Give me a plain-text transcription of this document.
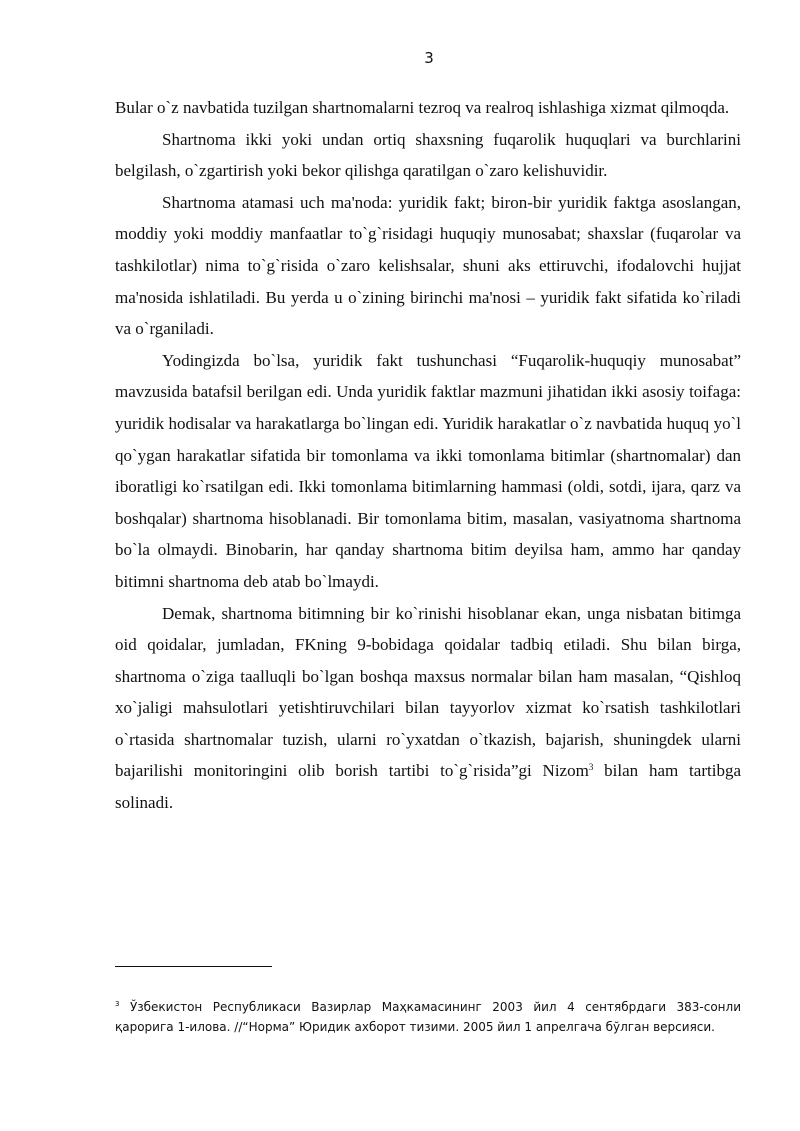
3

Bular o`z navbatida tuzilgan shartnomalarni tezroq va realroq ishlashiga xizmat qilmoqda.

Shartnoma ikki yoki undan ortiq shaxsning fuqarolik huquqlari va burchlarini belgilash, o`zgartirish yoki bekor qilishga qaratilgan o`zaro kelishuvidir.

Shartnoma atamasi uch ma'noda: yuridik fakt; biron-bir yuridik faktga asoslangan, moddiy yoki moddiy manfaatlar to`g`risidagi huquqiy munosabat; shaxslar (fuqarolar va tashkilotlar) nima to`g`risida o`zaro kelishsalar, shuni aks ettiruvchi, ifodalovchi hujjat ma'nosida ishlatiladi. Bu yerda u o`zining birinchi ma'nosi – yuridik fakt sifatida ko`riladi va o`rganiladi.

Yodingizda bo`lsa, yuridik fakt tushunchasi “Fuqarolik-huquqiy munosabat” mavzusida batafsil berilgan edi. Unda yuridik faktlar mazmuni jihatidan ikki asosiy toifaga: yuridik hodisalar va harakatlarga bo`lingan edi. Yuridik harakatlar o`z navbatida huquq yo`l qo`ygan harakatlar sifatida bir tomonlama va ikki tomonlama bitimlar (shartnomalar) dan iboratligi ko`rsatilgan edi. Ikki tomonlama bitimlarning hammasi (oldi, sotdi, ijara, qarz va boshqalar) shartnoma hisoblanadi. Bir tomonlama bitim, masalan, vasiyatnoma shartnoma bo`la olmaydi. Binobarin, har qanday shartnoma bitim deyilsa ham, ammo har qanday bitimni shartnoma deb atab bo`lmaydi.

Demak, shartnoma bitimning bir ko`rinishi hisoblanar ekan, unga nisbatan bitimga oid qoidalar, jumladan, FKning 9-bobidaga qoidalar tadbiq etiladi. Shu bilan birga, shartnoma o`ziga taalluqli bo`lgan boshqa maxsus normalar bilan ham masalan, “Qishloq xo`jaligi mahsulotlari yetishtiruvchilari bilan tayyorlov xizmat ko`rsatish tashkilotlari o`rtasida shartnomalar tuzish, ularni ro`yxatdan o`tkazish, bajarish, shuningdek ularni bajarilishi monitoringini olib borish tartibi to`g`risida”gi Nizom$^3$ bilan ham tartibga solinadi.

$^3$ Ўзбекистон Республикаси Вазирлар Маҳкамасининг 2003 йил 4 сентябрдаги 383-сонли қарорига 1-илова. //“Норма” Юридик ахборот тизими. 2005 йил 1 апрелгача бўлган версияси.
